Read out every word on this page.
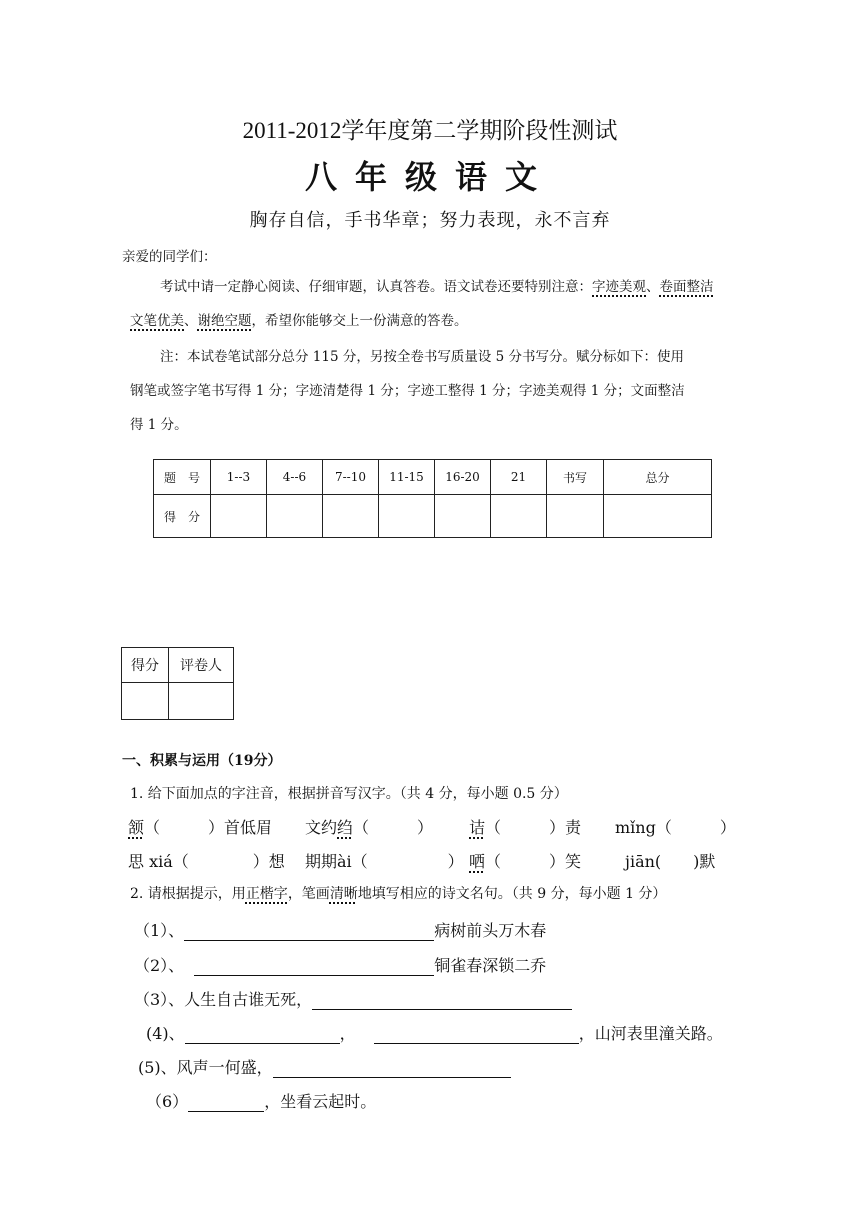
2011-2012学年度第二学期阶段性测试
八年级语文
胸存自信，手书华章；努力表现，永不言弃
亲爱的同学们：
考试中请一定静心阅读、仔细审题，认真答卷。语文试卷还要特别注意：字迹美观、卷面整洁
文笔优美、谢绝空题，希望你能够交上一份满意的答卷。
注：本试卷笔试部分总分 115 分，另按全卷书写质量设 5 分书写分。赋分标如下：使用
钢笔或签字笔书写得 1 分；字迹清楚得 1 分；字迹工整得 1 分；字迹美观得 1 分；文面整洁
得 1 分。
题　号	1--3	4--6	7--10	11-15	16-20	21	书写	总分
得　分								
得分	评卷人

一、积累与运用（19分）
1. 给下面加点的字注音，根据拼音写汉字。（共 4 分，每小题 0.5 分）
颔（　　　）首低眉 文约绉（　　　） 诘（　　　）责 mǐng（　　　）
思 xiá（　　　　）想 期期ài（　　　　　） 哂（　　　）笑	jiān(　　)默
2. 请根据提示，用正楷字，笔画清晰地填写相应的诗文名句。（共 9 分，每小题 1 分）
（1）、	病树前头万木春
（2）、	铜雀春深锁二乔
（3）、人生自古谁无死，
(4)、	，	，山河表里潼关路。
(5)、风声一何盛，
（6）	，坐看云起时。
